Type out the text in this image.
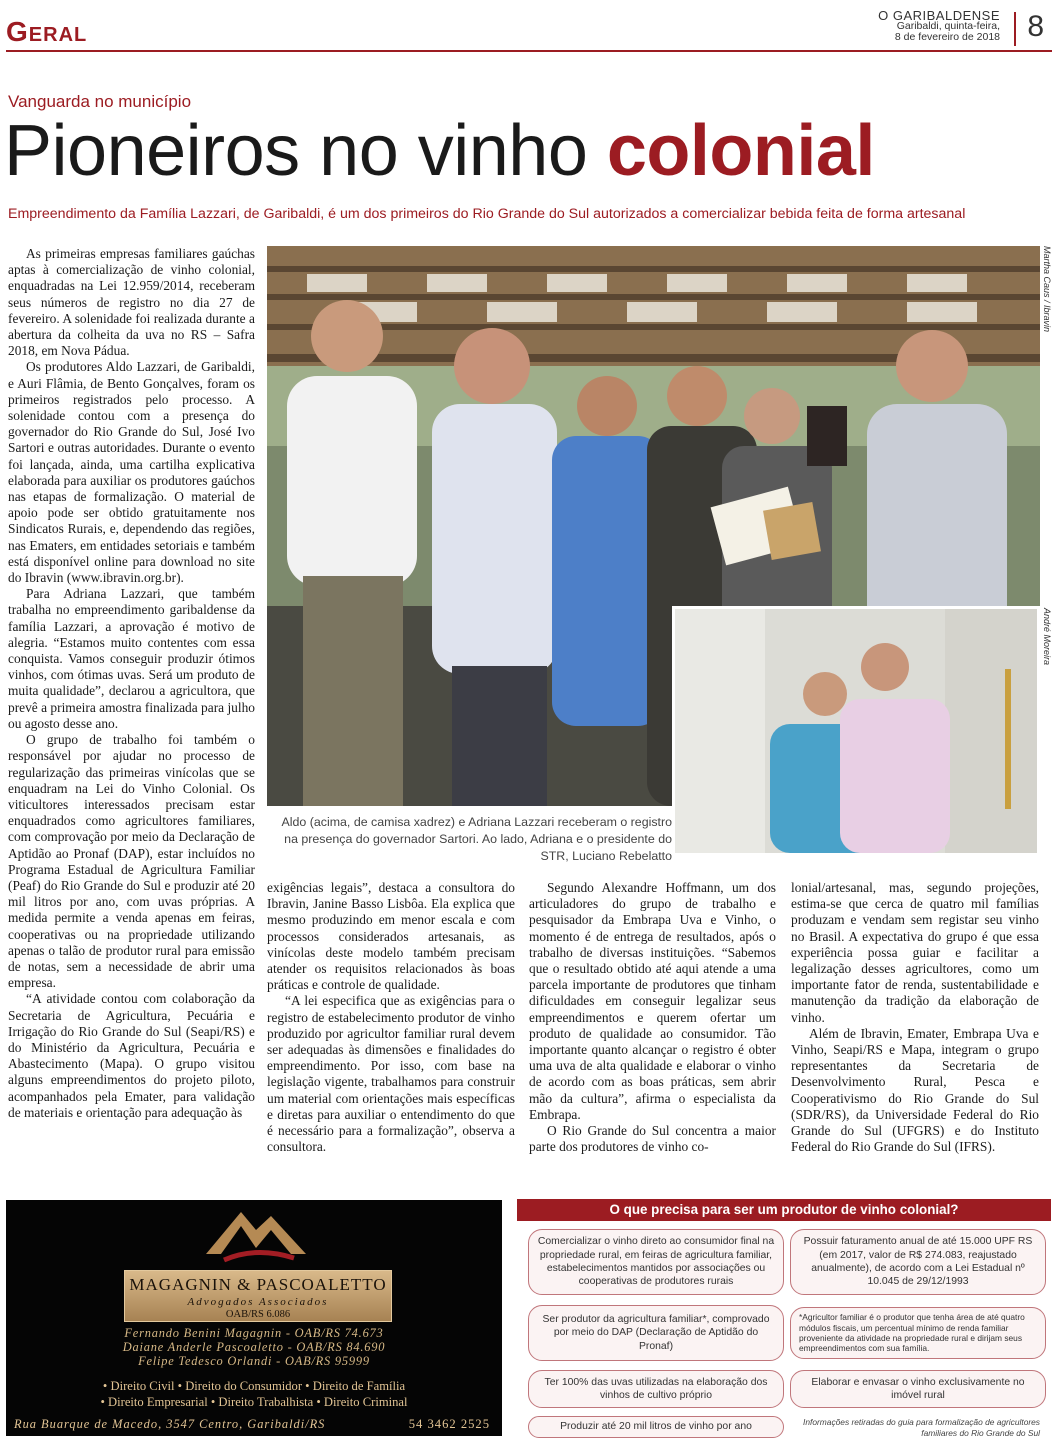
Geral
O GARIBALDENSE
Garibaldi, quinta-feira,
8 de fevereiro de 2018 8
Vanguarda no município
Pioneiros no vinho colonial
Empreendimento da Família Lazzari, de Garibaldi, é um dos primeiros do Rio Grande do Sul autorizados a comercializar bebida feita de forma artesanal

As primeiras empresas familiares gaúchas aptas à comercialização de vinho colonial, enquadradas na Lei 12.959/2014, receberam seus números de registro no dia 27 de fevereiro. A solenidade foi realizada durante a abertura da colheita da uva no RS – Safra 2018, em Nova Pádua.

Os produtores Aldo Lazzari, de Garibaldi, e Auri Flâmia, de Bento Gonçalves, foram os primeiros registrados pelo processo. A solenidade contou com a presença do governador do Rio Grande do Sul, José Ivo Sartori e outras autoridades. Durante o evento foi lançada, ainda, uma cartilha explicativa elaborada para auxiliar os produtores gaúchos nas etapas de formalização. O material de apoio pode ser obtido gratuitamente nos Sindicatos Rurais, e, dependendo das regiões, nas Ematers, em entidades setoriais e também está disponível online para download no site do Ibravin (www.ibravin.org.br).

Para Adriana Lazzari, que também trabalha no empreendimento garibaldense da família Lazzari, a aprovação é motivo de alegria. “Estamos muito contentes com essa conquista. Vamos conseguir produzir ótimos vinhos, com ótimas uvas. Será um produto de muita qualidade”, declarou a agricultora, que prevê a primeira amostra finalizada para julho ou agosto desse ano.

O grupo de trabalho foi também o responsável por ajudar no processo de regularização das primeiras vinícolas que se enquadram na Lei do Vinho Colonial. Os viticultores interessados precisam estar enquadrados como agricultores familiares, com comprovação por meio da Declaração de Aptidão ao Pronaf (DAP), estar incluídos no Programa Estadual de Agricultura Familiar (Peaf) do Rio Grande do Sul e produzir até 20 mil litros por ano, com uvas próprias. A medida permite a venda apenas em feiras, cooperativas ou na propriedade utilizando apenas o talão de produtor rural para emissão de notas, sem a necessidade de abrir uma empresa.

“A atividade contou com colaboração da Secretaria de Agricultura, Pecuária e Irrigação do Rio Grande do Sul (Seapi/RS) e do Ministério da Agricultura, Pecuária e Abastecimento (Mapa). O grupo visitou alguns empreendimentos do projeto piloto, acompanhados pela Emater, para validação de materiais e orientação para adequação às

Martha Caus / Ibravin
André Moreira
Aldo (acima, de camisa xadrez) e Adriana Lazzari receberam o registro na presença do governador Sartori. Ao lado, Adriana e o presidente do STR, Luciano Rebelatto

exigências legais”, destaca a consultora do Ibravin, Janine Basso Lisbôa. Ela explica que mesmo produzindo em menor escala e com processos considerados artesanais, as vinícolas deste modelo também precisam atender os requisitos relacionados às boas práticas e controle de qualidade.

“A lei especifica que as exigências para o registro de estabelecimento produtor de vinho produzido por agricultor familiar rural devem ser adequadas às dimensões e finalidades do empreendimento. Por isso, com base na legislação vigente, trabalhamos para construir um material com orientações mais específicas e diretas para auxiliar o entendimento do que é necessário para a formalização”, observa a consultora.

Segundo Alexandre Hoffmann, um dos articuladores do grupo de trabalho e pesquisador da Embrapa Uva e Vinho, o momento é de entrega de resultados, após o trabalho de diversas instituições. “Sabemos que o resultado obtido até aqui atende a uma parcela importante de produtores que tinham dificuldades em conseguir legalizar seus empreendimentos e querem ofertar um produto de qualidade ao consumidor. Tão importante quanto alcançar o registro é obter uma uva de alta qualidade e elaborar o vinho de acordo com as boas práticas, sem abrir mão da cultura”, afirma o especialista da Embrapa.

O Rio Grande do Sul concentra a maior parte dos produtores de vinho co-

lonial/artesanal, mas, segundo projeções, estima-se que cerca de quatro mil famílias produzam e vendam sem registar seu vinho no Brasil. A expectativa do grupo é que essa experiência possa guiar e facilitar a legalização desses agricultores, como um importante fator de renda, sustentabilidade e manutenção da tradição da elaboração de vinho.

Além de Ibravin, Emater, Embrapa Uva e Vinho, Seapi/RS e Mapa, integram o grupo representantes da Secretaria de Desenvolvimento Rural, Pesca e Cooperativismo do Rio Grande do Sul (SDR/RS), da Universidade Federal do Rio Grande do Sul (UFGRS) e do Instituto Federal do Rio Grande do Sul (IFRS).

MAGAGNIN & PASCOALETTO
Advogados Associados
OAB/RS 6.086
Fernando Benini Magagnin - OAB/RS 74.673
Daiane Anderle Pascoaletto - OAB/RS 84.690
Felipe Tedesco Orlandi - OAB/RS 95999
• Direito Civil • Direito do Consumidor • Direito de Família
• Direito Empresarial • Direito Trabalhista • Direito Criminal
Rua Buarque de Macedo, 3547 Centro, Garibaldi/RS	54 3462 2525
O que precisa para ser um produtor de vinho colonial?
Comercializar o vinho direto ao consumidor final na propriedade rural, em feiras de agricultura familiar, estabelecimentos mantidos por associações ou cooperativas de produtores rurais
Possuir faturamento anual de até 15.000 UPF RS (em 2017, valor de R$ 274.083, reajustado anualmente), de acordo com a Lei Estadual nº 10.045 de 29/12/1993
Ser produtor da agricultura familiar*, comprovado por meio do DAP (Declaração de Aptidão do Pronaf)
*Agricultor familiar é o produtor que tenha área de até quatro módulos fiscais, um percentual mínimo de renda familiar proveniente da atividade na propriedade rural e dirijam seus empreendimentos com sua família.
Ter 100% das uvas utilizadas na elaboração dos vinhos de cultivo próprio
Elaborar e envasar o vinho exclusivamente no imóvel rural
Produzir até 20 mil litros de vinho por ano	Informações retiradas do guia para formalização de agricultores familiares do Rio Grande do Sul
